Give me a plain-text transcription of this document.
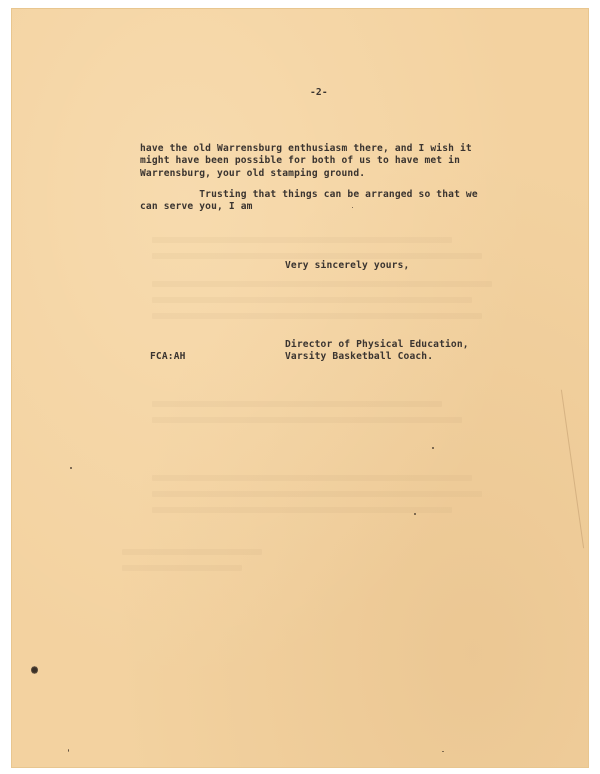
-2-
have the old Warrensburg enthusiasm there, and I wish it
might have been possible for both of us to have met in
Warrensburg, your old stamping ground.
Trusting that things can be arranged so that we
can serve you, I am
Very sincerely yours,
Director of Physical Education,
Varsity Basketball Coach.
FCA:AH
